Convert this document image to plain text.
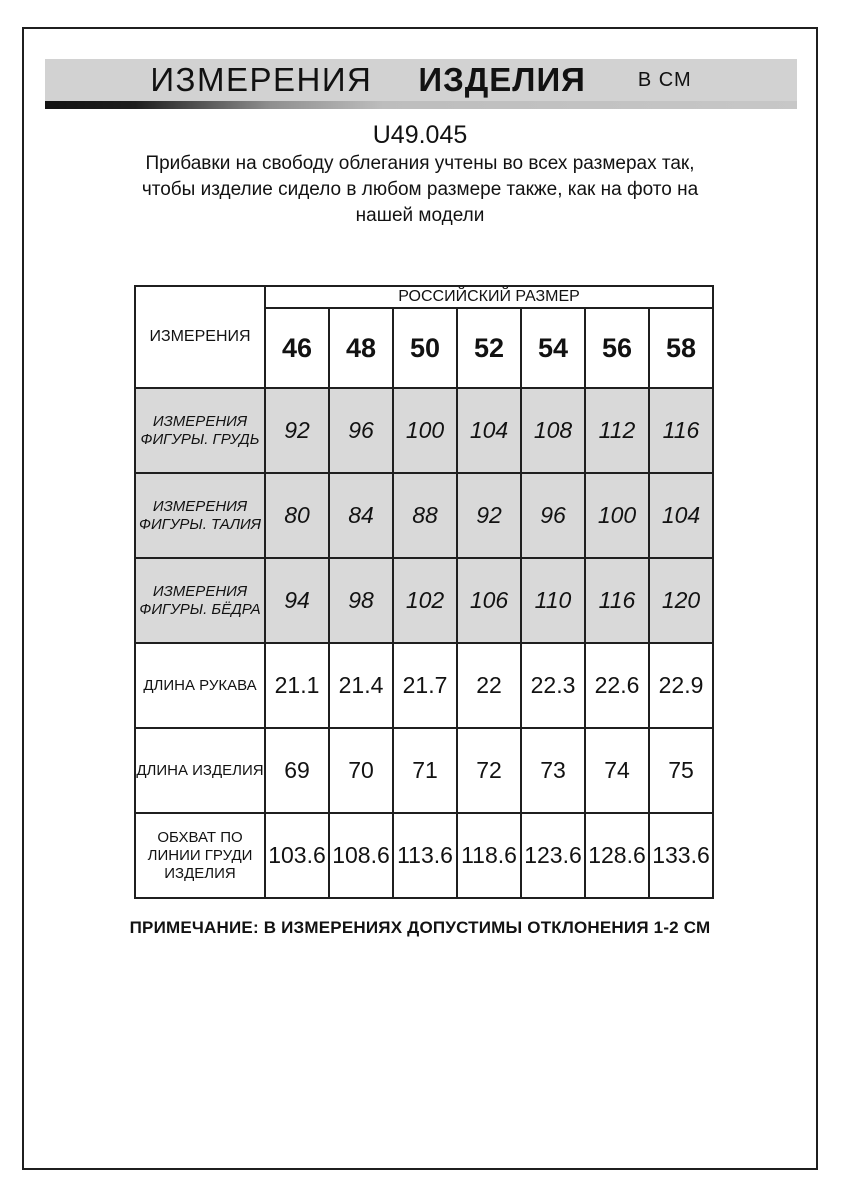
ИЗМЕРЕНИЯ ИЗДЕЛИЯ	В СМ
U49.045
Прибавки на свободу облегания учтены во всех размерах так,
чтобы изделие сидело в любом размере также, как на фото на
нашей модели
ИЗМЕРЕНИЯ	РОССИЙСКИЙ РАЗМЕР						
	46	48	50	52	54	56	58
ИЗМЕРЕНИЯ ФИГУРЫ. ГРУДЬ	92	96	100	104	108	112	116
ИЗМЕРЕНИЯ ФИГУРЫ. ТАЛИЯ	80	84	88	92	96	100	104
ИЗМЕРЕНИЯ ФИГУРЫ. БЁДРА	94	98	102	106	110	116	120
ДЛИНА РУКАВА	21.1	21.4	21.7	22	22.3	22.6	22.9
ДЛИНА ИЗДЕЛИЯ	69	70	71	72	73	74	75
ОБХВАТ ПО ЛИНИИ ГРУДИ ИЗДЕЛИЯ	103.6	108.6	113.6	118.6	123.6	128.6	133.6
ПРИМЕЧАНИЕ: В ИЗМЕРЕНИЯХ ДОПУСТИМЫ ОТКЛОНЕНИЯ 1-2 СМ
